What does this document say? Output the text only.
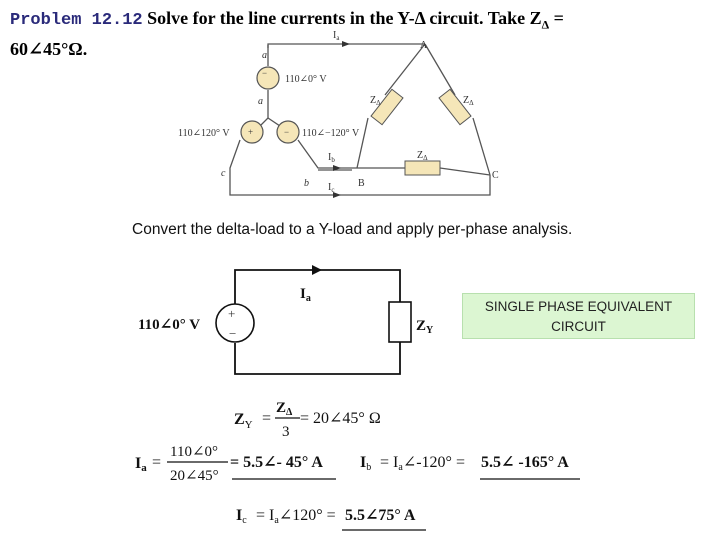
Problem 12.12 Solve for the line currents in the Y-Δ circuit. Take $Z_\Delta$ =
60∠45°Ω.	a
a
A
c
b	B
C
110∠0° V
110∠120° V	110∠−120° V
−
+	−
$I_a$
$I_b$
$I_c$
$Z_\Delta$	$Z_\Delta$
$Z_\Delta$
+
−
110∠0° V
$I_a$
$Z_Y$
$Z_Y$ =
$Z_\Delta$
3
= 20∠45° Ω
Ia =
110∠0°
20∠45°
= 5.5∠- 45° A Ib = Ia∠-120° = 5.5∠ -165° A
Ic = Ia∠120° = 5.5∠75° A
Convert the delta-load to a Y-load and apply per-phase analysis.
SINGLE PHASE EQUIVALENT
CIRCUIT
